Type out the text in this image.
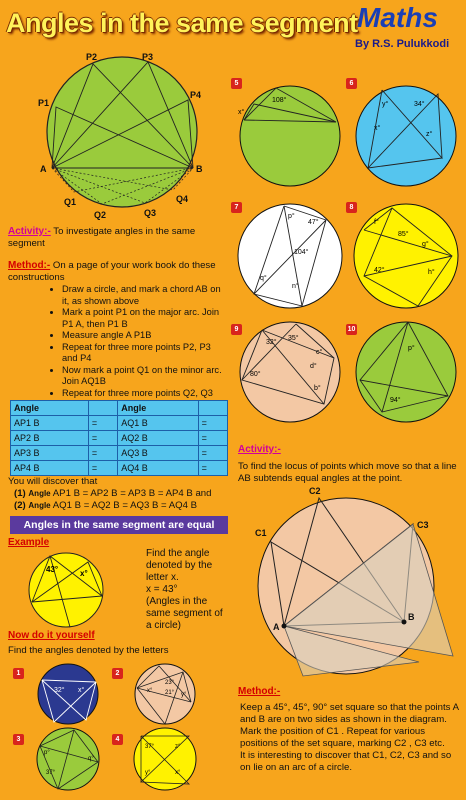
Angles in the same segment Maths
By R.S. Pulukkodi
P1
P2	P3
P4
A	B
Q1
Q2	Q3
Q4
Activity:- To investigate angles in the same segment
Method:- On a page of your work book do these constructions
• Draw a circle, and mark a chord AB on it, as shown above
• Mark a point P1 on the major arc. Join P1 A, then P1 B
• Measure angle A P1B
• Repeat for three more points P2, P3 and P4
• Now mark a point Q1 on the minor arc. Join AQ1B
• Repeat for three more points Q2, Q3
•
Angle		Angle	
AP1 B	=	AQ1 B	=
AP2 B	=	AQ2 B	=
AP3 B	=	AQ3 B	=
AP4 B	=	AQ4 B	=
You will discover that
(1) Angle AP1 B = AP2 B = AP3 B = AP4 B and
(2) Angle AQ1 B = AQ2 B = AQ3 B = AQ4 B
Angles in the same segment are equal
Example
43°	x°
Find the angle denoted by the letter x.
x = 43°
(Angles in the same segment of a circle)
Now do it yourself
Find the angles denoted by the letters
1
32° x°
2
23°
21°
x°
y°
3
p°
37°
q°
4
37°	z°
y°	x°
5
108°
x°
6
y°
x°
34°
z°
7
p°
47°
104°
q°
n°
8
f°
85°
g°
42°	h°
9
32°
35°
c°
d°
b°
80°
10
p°
94°
Activity:-
To find the locus of points which move so that a line AB subtends equal angles at the point.
C1
C2
C3
A
B
Method:-
Keep a 45°, 45°, 90° set square so that the points A and B are on two sides as shown in the diagram. Mark the position of C1 . Repeat for various positions of the set square, marking C2 , C3 etc.
It is interesting to discover that C1, C2, C3 and so on lie on an arc of a circle.
